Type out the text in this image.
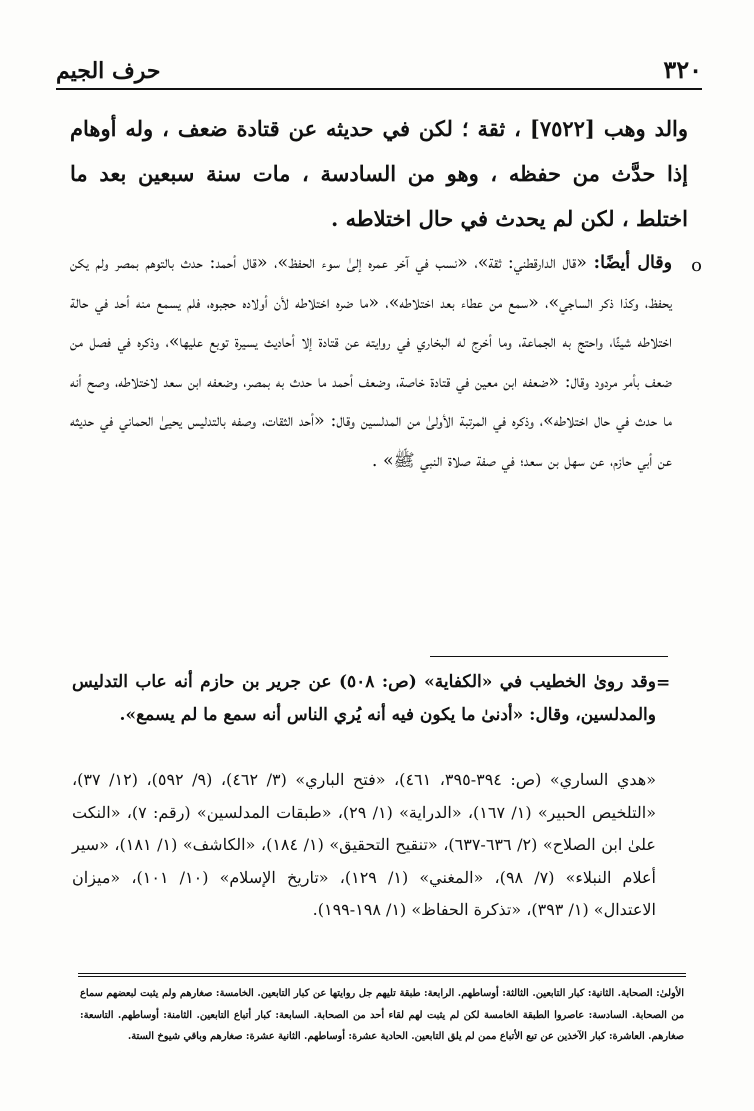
حرف الجيم	٣٢٠
والد وهب [٧٥٢٢] ، ثقة ؛ لكن في حديثه عن قتادة ضعف ، وله أوهام إذا حدَّث من حفظه ، وهو من السادسة ، مات سنة سبعين بعد ما اختلط ، لكن لم يحدث في حال اختلاطه .
ο
وقال أيضًا: «قال الدارقطني: ثقة»، «نسب في آخر عمره إلىٰ سوء الحفظ»، «قال أحمد: حدث بالتوهم بمصر ولم يكن يحفظ، وكذا ذكر الساجي»، «سمع من عطاء بعد اختلاطه»، «ما ضره اختلاطه لأن أولاده حجبوه، فلم يسمع منه أحد في حالة اختلاطه شيئًا، واحتج به الجماعة، وما أخرج له البخاري في روايته عن قتادة إلا أحاديث يسيرة توبع عليها»، وذكره في فصل من ضعف بأمر مردود وقال: «ضعفه ابن معين في قتادة خاصة، وضعف أحمد ما حدث به بمصر، وضعفه ابن سعد لاختلاطه، وصح أنه ما حدث في حال اختلاطه»، وذكره في المرتبة الأولىٰ من المدلسين وقال: «أحد الثقات، وصفه بالتدليس يحيىٰ الحماني في حديثه عن أبي حازم، عن سهل بن سعد؛ في صفة صلاة النبي ﷺ» .
=
وقد روىٰ الخطيب في «الكفاية» (ص: ٥٠٨) عن جرير بن حازم أنه عاب التدليس والمدلسين، وقال: «أدنىٰ ما يكون فيه أنه يُري الناس أنه سمع ما لم يسمع».
«هدي الساري» (ص: ٣٩٤-٣٩٥، ٤٦١)، «فتح الباري» (٣/ ٤٦٢)، (٩/ ٥٩٢)، (١٢/ ٣٧)، «التلخيص الحبير» (١/ ١٦٧)، «الدراية» (١/ ٢٩)، «طبقات المدلسين» (رقم: ٧)، «النكت علىٰ ابن الصلاح» (٢/ ٦٣٦-٦٣٧)، «تنقيح التحقيق» (١/ ١٨٤)، «الكاشف» (١/ ١٨١)، «سير أعلام النبلاء» (٧/ ٩٨)، «المغني» (١/ ١٢٩)، «تاريخ الإسلام» (١٠/ ١٠١)، «ميزان الاعتدال» (١/ ٣٩٣)، «تذكرة الحفاظ» (١/ ١٩٨-١٩٩).
الأولىٰ: الصحابة. الثانية: كبار التابعين. الثالثة: أوساطهم. الرابعة: طبقة تليهم جل روايتها عن كبار التابعين. الخامسة: صغارهم ولم يثبت لبعضهم سماع من الصحابة. السادسة: عاصروا الطبقة الخامسة لكن لم يثبت لهم لقاء أحد من الصحابة. السابعة: كبار أتباع التابعين. الثامنة: أوساطهم. التاسعة: صغارهم. العاشرة: كبار الآخذين عن تبع الأتباع ممن لم يلق التابعين. الحادية عشرة: أوساطهم. الثانية عشرة: صغارهم وباقي شيوخ الستة.
